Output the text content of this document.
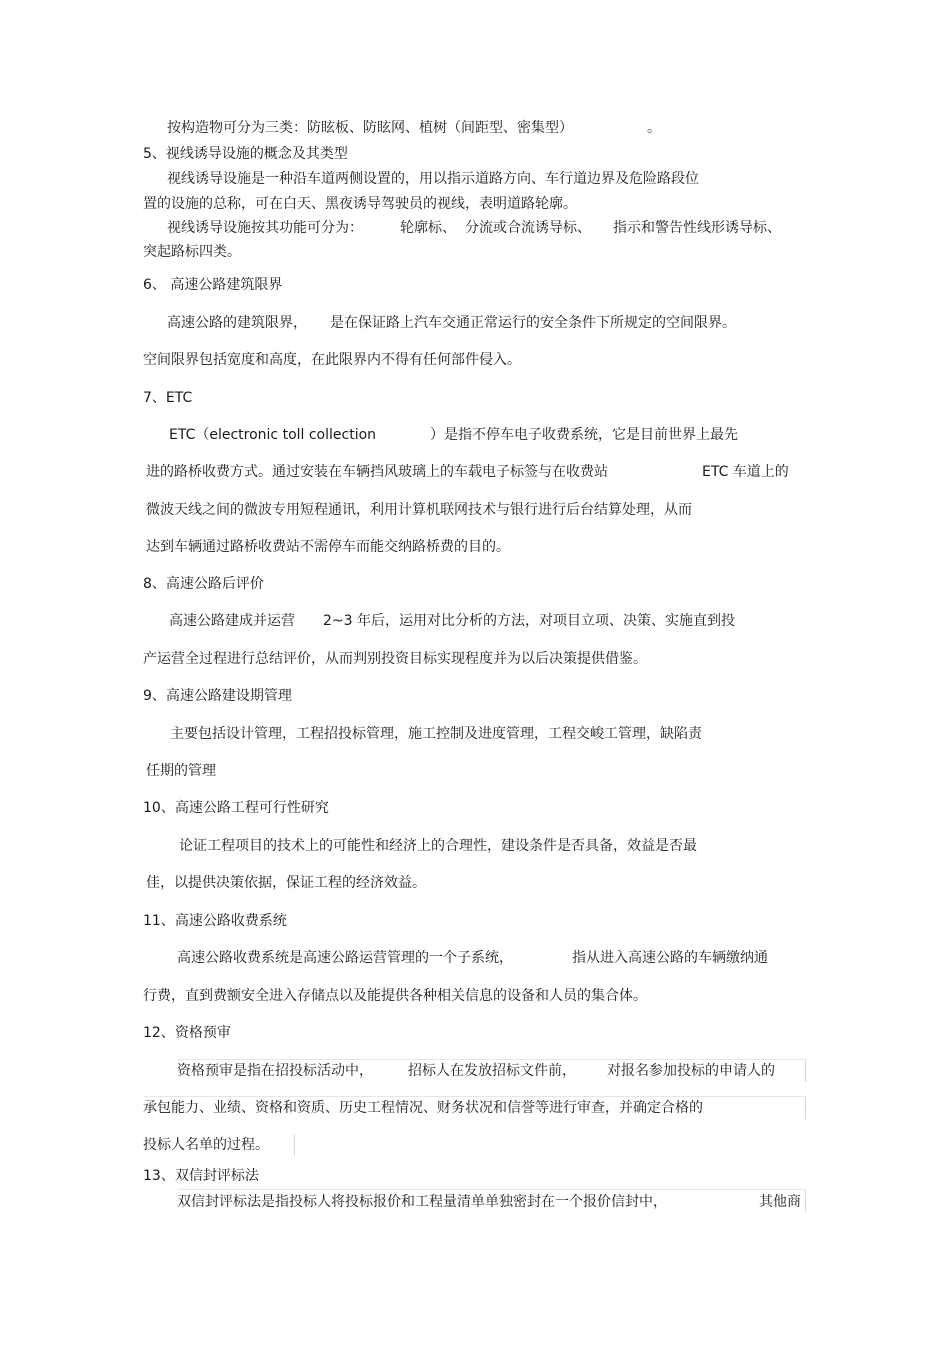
按构造物可分为三类：防眩板、防眩网、植树（间距型、密集型）	。
5、视线诱导设施的概念及其类型
视线诱导设施是一种沿车道两侧设置的，用以指示道路方向、车行道边界及危险路段位
置的设施的总称，可在白天、黑夜诱导驾驶员的视线，表明道路轮廓。
视线诱导设施按其功能可分为：	轮廓标、 分流或合流诱导标、 指示和警告性线形诱导标、
突起路标四类。
6、 高速公路建筑限界
高速公路的建筑限界， 是在保证路上汽车交通正常运行的安全条件下所规定的空间限界。
空间限界包括宽度和高度，在此限界内不得有任何部件侵入。
7、ETC
ETC（electronic toll collection	）是指不停车电子收费系统，它是目前世界上最先
进的路桥收费方式。通过安装在车辆挡风玻璃上的车载电子标签与在收费站	ETC 车道上的
微波天线之间的微波专用短程通讯，利用计算机联网技术与银行进行后台结算处理，从而
达到车辆通过路桥收费站不需停车而能交纳路桥费的目的。
8、高速公路后评价
高速公路建成并运营 2~3 年后，运用对比分析的方法，对项目立项、决策、实施直到投
产运营全过程进行总结评价，从而判别投资目标实现程度并为以后决策提供借鉴。
9、高速公路建设期管理
主要包括设计管理，工程招投标管理，施工控制及进度管理，工程交峻工管理，缺陷责
任期的管理
10、高速公路工程可行性研究
论证工程项目的技术上的可能性和经济上的合理性，建设条件是否具备，效益是否最
佳，以提供决策依据，保证工程的经济效益。
11、高速公路收费系统
高速公路收费系统是高速公路运营管理的一个子系统，	指从进入高速公路的车辆缴纳通
行费，直到费额安全进入存储点以及能提供各种相关信息的设备和人员的集合体。
12、资格预审
资格预审是指在招投标活动中，	招标人在发放招标文件前， 对报名参加投标的申请人的
承包能力、业绩、资格和资质、历史工程情况、财务状况和信誉等进行审查，并确定合格的
投标人名单的过程。
13、双信封评标法
双信封评标法是指投标人将投标报价和工程量清单单独密封在一个报价信封中，	其他商
